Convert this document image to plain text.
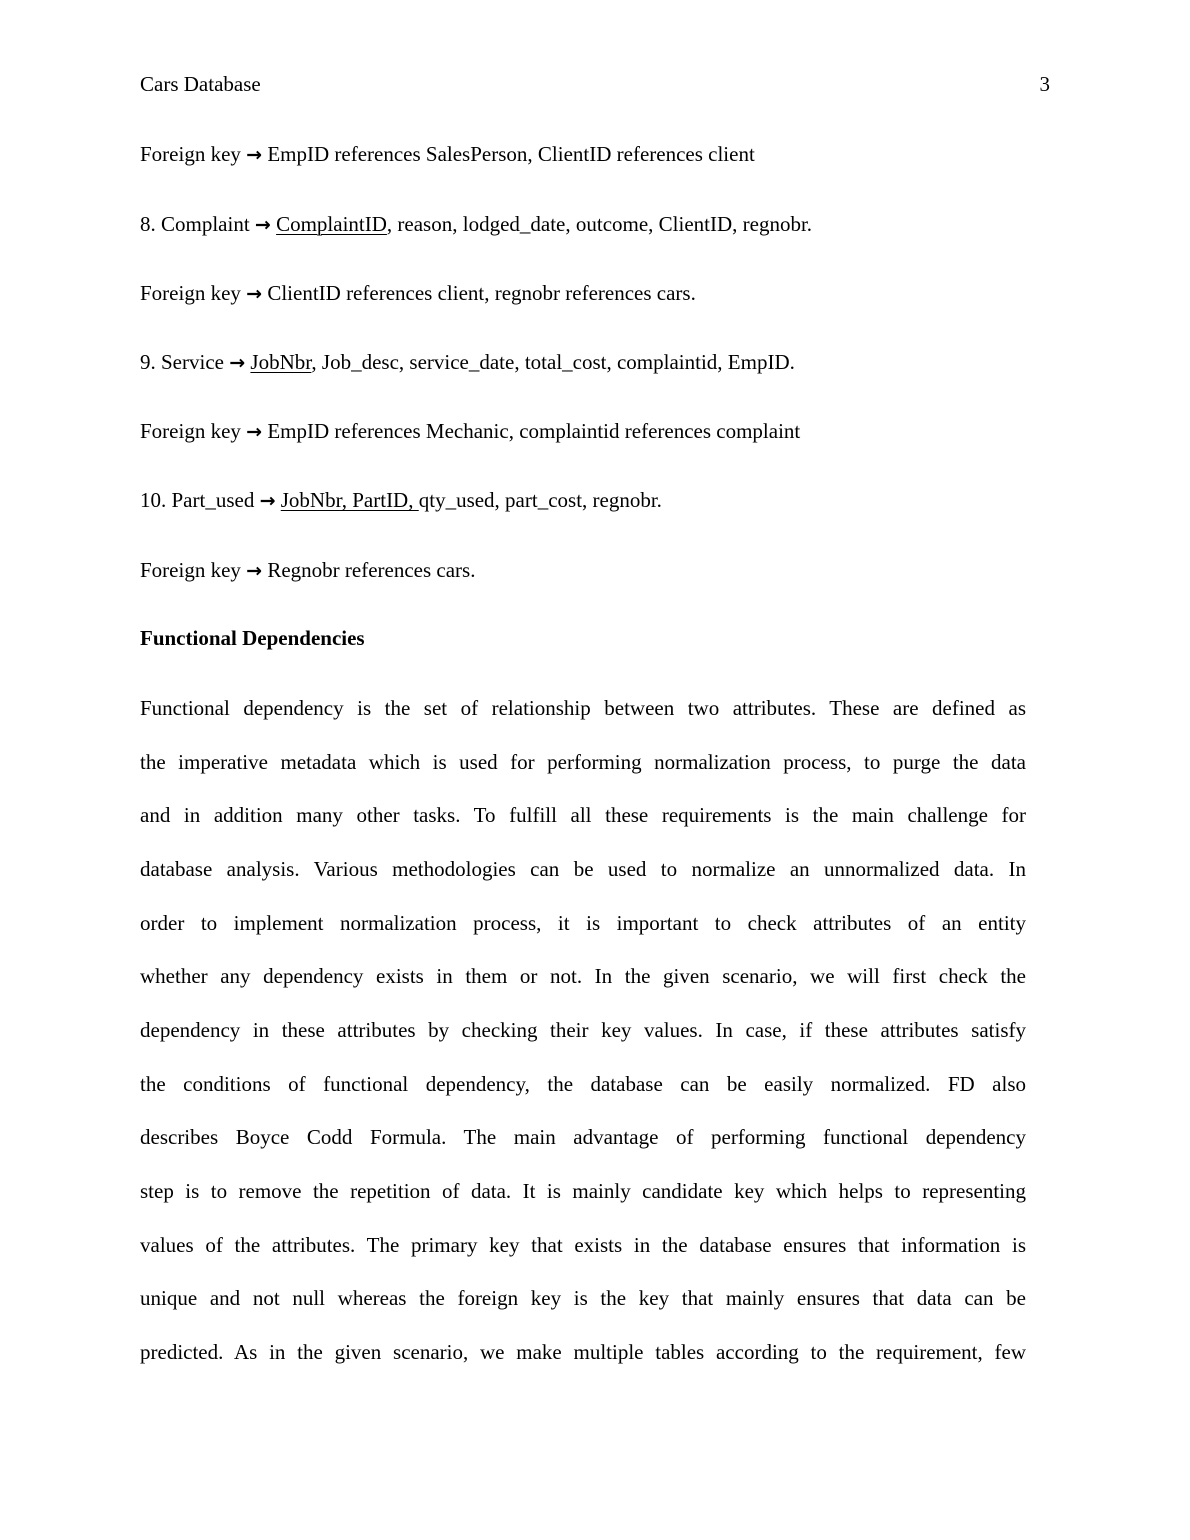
Cars Database	3
Foreign key → EmpID references SalesPerson, ClientID references client
8. Complaint → ComplaintID, reason, lodged_date, outcome, ClientID, regnobr.
Foreign key → ClientID references client, regnobr references cars.
9. Service → JobNbr, Job_desc, service_date, total_cost, complaintid, EmpID.
Foreign key → EmpID references Mechanic, complaintid references complaint
10. Part_used → JobNbr, PartID, qty_used, part_cost, regnobr.
Foreign key → Regnobr references cars.
Functional Dependencies
Functional dependency is the set of relationship between two attributes. These are defined as
the imperative metadata which is used for performing normalization process, to purge the data
and in addition many other tasks. To fulfill all these requirements is the main challenge for
database analysis. Various methodologies can be used to normalize an unnormalized data. In
order to implement normalization process, it is important to check attributes of an entity
whether any dependency exists in them or not. In the given scenario, we will first check the
dependency in these attributes by checking their key values. In case, if these attributes satisfy
the conditions of functional dependency, the database can be easily normalized. FD also
describes Boyce Codd Formula. The main advantage of performing functional dependency
step is to remove the repetition of data. It is mainly candidate key which helps to representing
values of the attributes. The primary key that exists in the database ensures that information is
unique and not null whereas the foreign key is the key that mainly ensures that data can be
predicted. As in the given scenario, we make multiple tables according to the requirement, few
